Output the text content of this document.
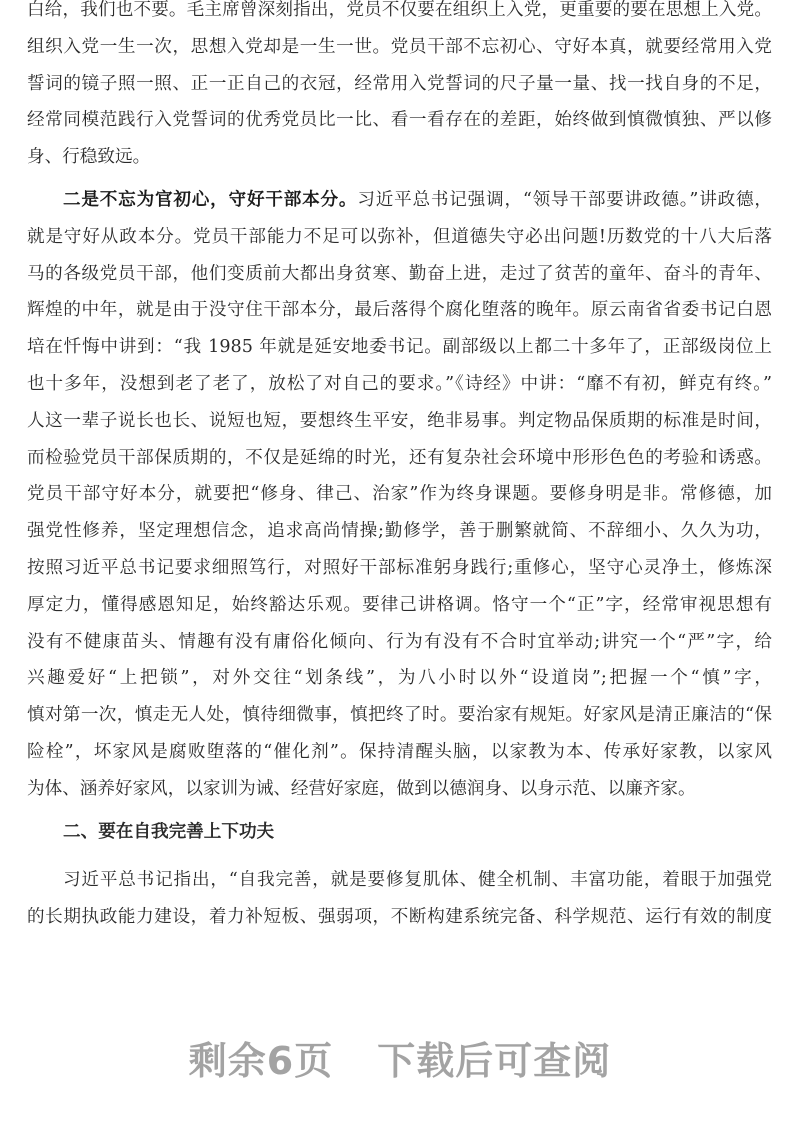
白给，我们也不要。毛主席曾深刻指出，党员不仅要在组织上入党，更重要的要在思想上入党。
组织入党一生一次，思想入党却是一生一世。党员干部不忘初心、守好本真，就要经常用入党
誓词的镜子照一照、正一正自己的衣冠，经常用入党誓词的尺子量一量、找一找自身的不足，
经常同模范践行入党誓词的优秀党员比一比、看一看存在的差距，始终做到慎微慎独、严以修
身、行稳致远。
二是不忘为官初心，守好干部本分。习近平总书记强调，“领导干部要讲政德。”讲政德，
就是守好从政本分。党员干部能力不足可以弥补，但道德失守必出问题!历数党的十八大后落
马的各级党员干部，他们变质前大都出身贫寒、勤奋上进，走过了贫苦的童年、奋斗的青年、
辉煌的中年，就是由于没守住干部本分，最后落得个腐化堕落的晚年。原云南省省委书记白恩
培在忏悔中讲到：“我 1985 年就是延安地委书记。副部级以上都二十多年了，正部级岗位上
也十多年，没想到老了老了，放松了对自己的要求。”《诗经》中讲：“靡不有初，鲜克有终。”
人这一辈子说长也长、说短也短，要想终生平安，绝非易事。判定物品保质期的标准是时间，
而检验党员干部保质期的，不仅是延绵的时光，还有复杂社会环境中形形色色的考验和诱惑。
党员干部守好本分，就要把“修身、律己、治家”作为终身课题。要修身明是非。常修德，加
强党性修养，坚定理想信念，追求高尚情操;勤修学，善于删繁就简、不辞细小、久久为功，
按照习近平总书记要求细照笃行，对照好干部标准躬身践行;重修心，坚守心灵净土，修炼深
厚定力，懂得感恩知足，始终豁达乐观。要律己讲格调。恪守一个“正”字，经常审视思想有
没有不健康苗头、情趣有没有庸俗化倾向、行为有没有不合时宜举动;讲究一个“严”字，给
兴趣爱好“上把锁”，对外交往“划条线”，为八小时以外“设道岗”;把握一个“慎”字，
慎对第一次，慎走无人处，慎待细微事，慎把终了时。要治家有规矩。好家风是清正廉洁的“保
险栓”，坏家风是腐败堕落的“催化剂”。保持清醒头脑，以家教为本、传承好家教，以家风
为体、涵养好家风，以家训为诫、经营好家庭，做到以德润身、以身示范、以廉齐家。
二、要在自我完善上下功夫
习近平总书记指出，“自我完善，就是要修复肌体、健全机制、丰富功能，着眼于加强党
的长期执政能力建设，着力补短板、强弱项，不断构建系统完备、科学规范、运行有效的制度
剩余6页 下载后可查阅
